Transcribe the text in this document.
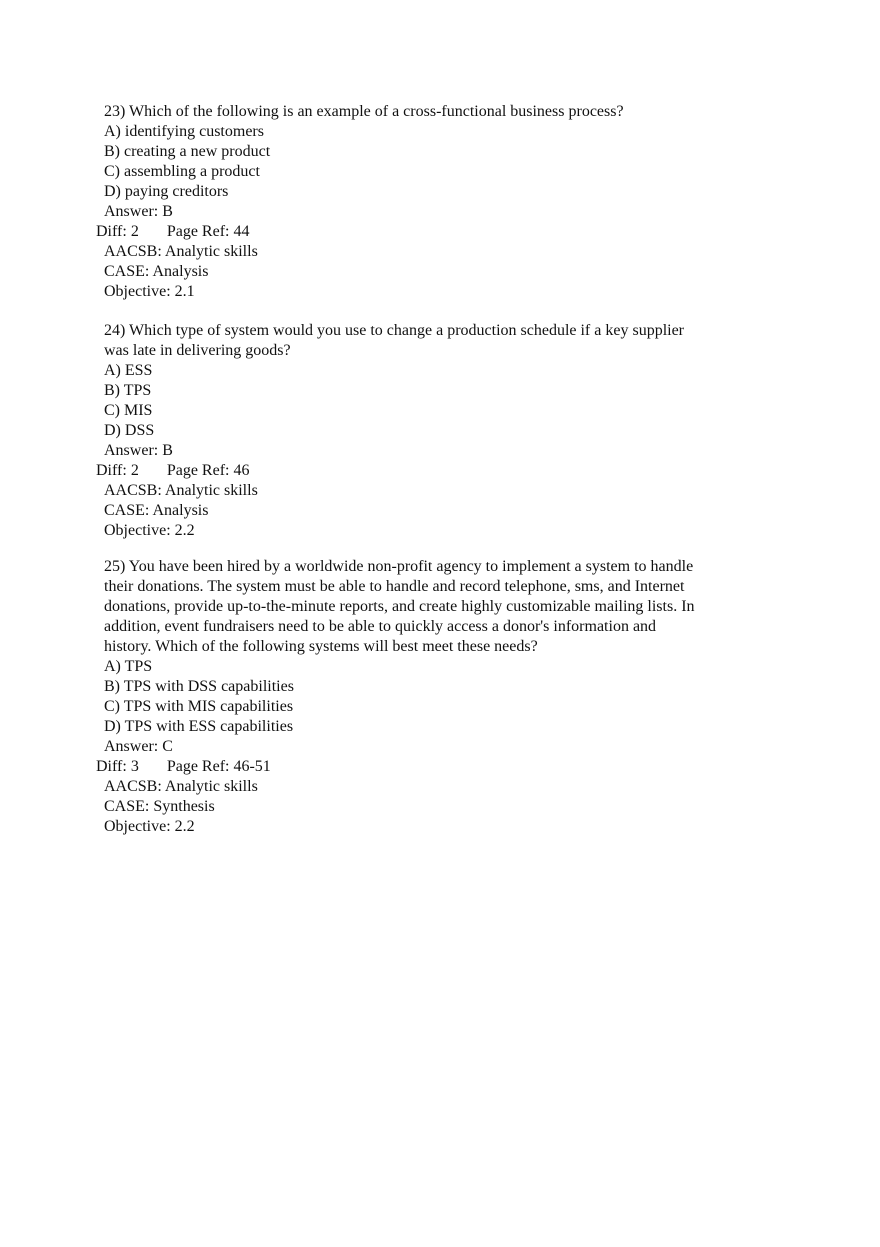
23) Which of the following is an example of a cross-functional business process?
A) identifying customers
B) creating a new product
C) assembling a product
D) paying creditors
Answer: B
Diff: 2 Page Ref: 44
AACSB: Analytic skills
CASE: Analysis
Objective: 2.1
24) Which type of system would you use to change a production schedule if a key supplier
was late in delivering goods?
A) ESS
B) TPS
C) MIS
D) DSS
Answer: B
Diff: 2 Page Ref: 46
AACSB: Analytic skills
CASE: Analysis
Objective: 2.2
25) You have been hired by a worldwide non-profit agency to implement a system to handle
their donations. The system must be able to handle and record telephone, sms, and Internet
donations, provide up-to-the-minute reports, and create highly customizable mailing lists. In
addition, event fundraisers need to be able to quickly access a donor's information and
history. Which of the following systems will best meet these needs?
A) TPS
B) TPS with DSS capabilities
C) TPS with MIS capabilities
D) TPS with ESS capabilities
Answer: C
Diff: 3 Page Ref: 46-51
AACSB: Analytic skills
CASE: Synthesis
Objective: 2.2
